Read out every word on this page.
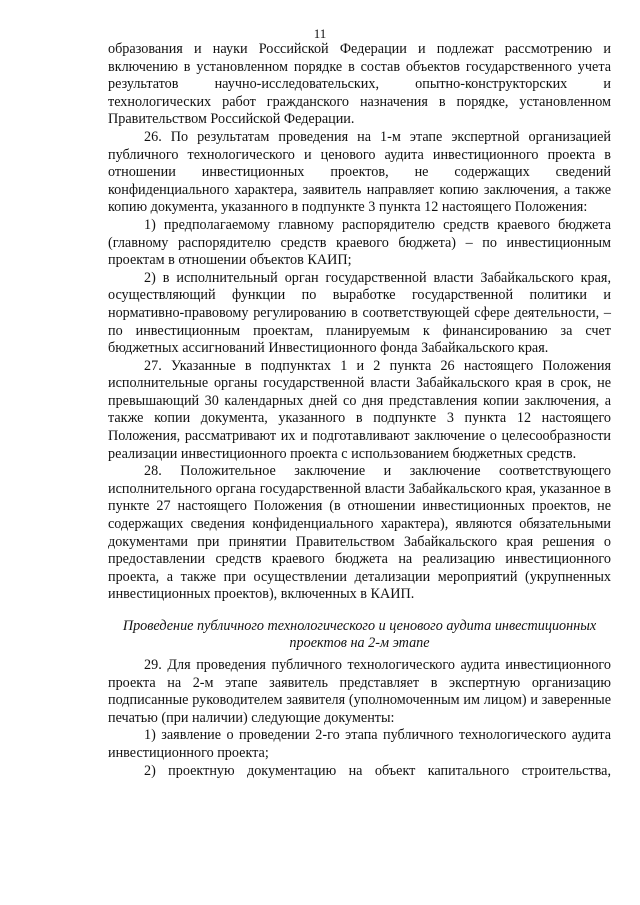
11

образования и науки Российской Федерации и подлежат рассмотрению и включению в установленном порядке в состав объектов государственного учета результатов научно-исследовательских, опытно-конструкторских и технологических работ гражданского назначения в порядке, установленном Правительством Российской Федерации.

26. По результатам проведения на 1-м этапе экспертной организацией публичного технологического и ценового аудита инвестиционного проекта в отношении инвестиционных проектов, не содержащих сведений конфиденциального характера, заявитель направляет копию заключения, а также копию документа, указанного в подпункте 3 пункта 12 настоящего Положения:

1) предполагаемому главному распорядителю средств краевого бюджета (главному распорядителю средств краевого бюджета) – по инвестиционным проектам в отношении объектов КАИП;

2) в исполнительный орган государственной власти Забайкальского края, осуществляющий функции по выработке государственной политики и нормативно-правовому регулированию в соответствующей сфере деятельности, – по инвестиционным проектам, планируемым к финансированию за счет бюджетных ассигнований Инвестиционного фонда Забайкальского края.

27. Указанные в подпунктах 1 и 2 пункта 26 настоящего Положения исполнительные органы государственной власти Забайкальского края в срок, не превышающий 30 календарных дней со дня представления копии заключения, а также копии документа, указанного в подпункте 3 пункта 12 настоящего Положения, рассматривают их и подготавливают заключение о целесообразности реализации инвестиционного проекта с использованием бюджетных средств.

28. Положительное заключение и заключение соответствующего исполнительного органа государственной власти Забайкальского края, указанное в пункте 27 настоящего Положения (в отношении инвестиционных проектов, не содержащих сведения конфиденциального характера), являются обязательными документами при принятии Правительством Забайкальского края решения о предоставлении средств краевого бюджета на реализацию инвестиционного проекта, а также при осуществлении детализации мероприятий (укрупненных инвестиционных проектов), включенных в КАИП.

Проведение публичного технологического и ценового аудита инвестиционных проектов на 2-м этапе

29. Для проведения публичного технологического аудита инвестиционного проекта на 2-м этапе заявитель представляет в экспертную организацию подписанные руководителем заявителя (уполномоченным им лицом) и заверенные печатью (при наличии) следующие документы:

1) заявление о проведении 2-го этапа публичного технологического аудита инвестиционного проекта;

2) проектную документацию на объект капитального строительства,
